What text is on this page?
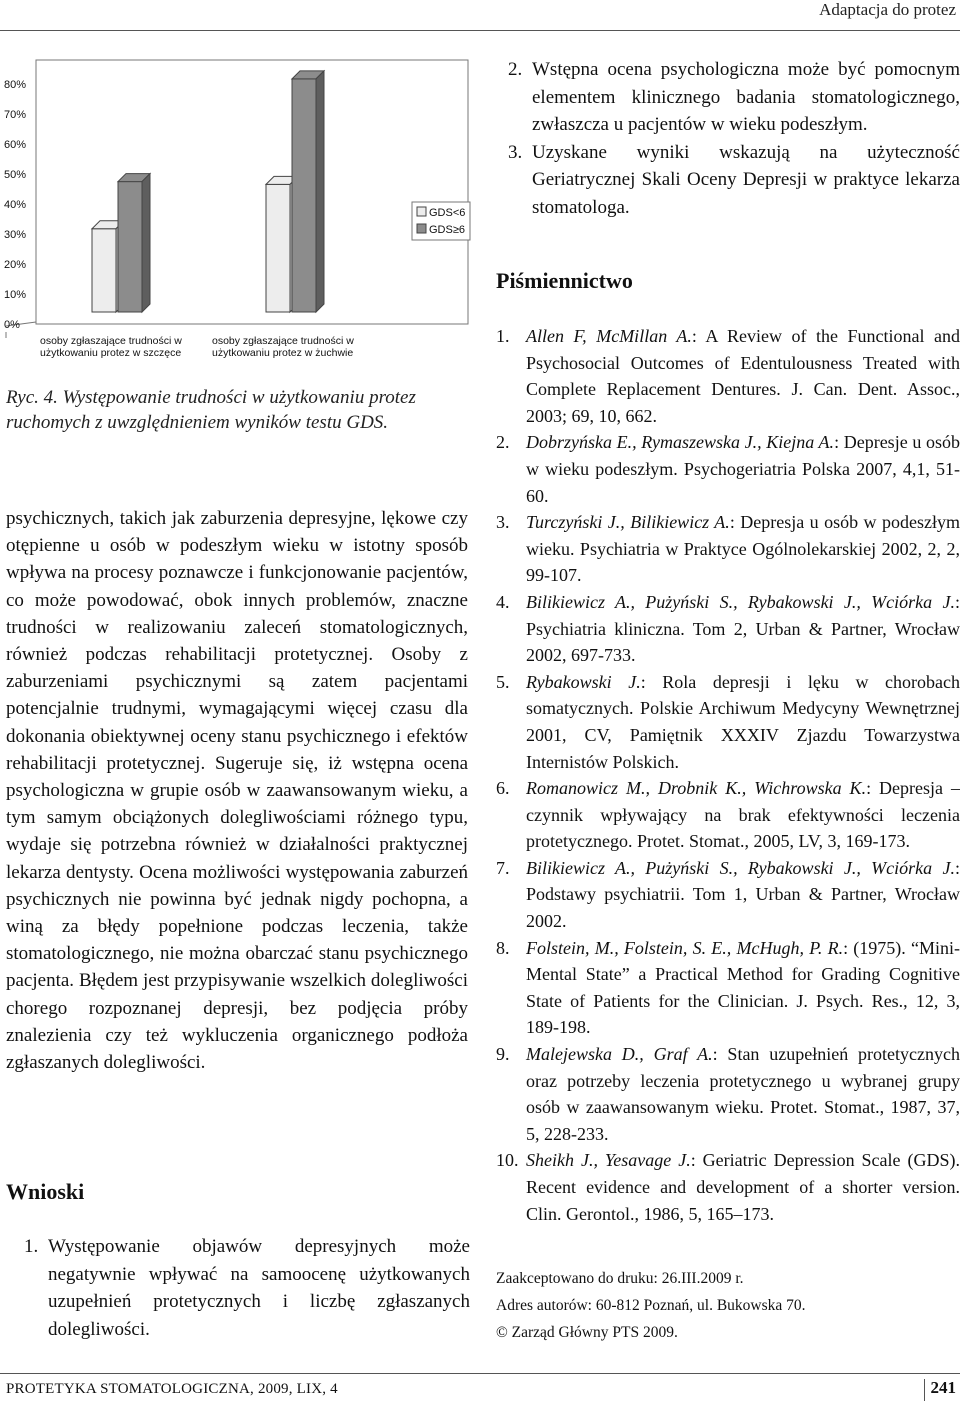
Adaptacja do protez
80%
70%
60%
50%
40%
30%
20%
10%
0%
osoby zgłaszające trudności w
użytkowaniu protez w szczęce
osoby zgłaszające trudności w
użytkowaniu protez w żuchwie
GDS<6
GDS≥6
Ryc. 4. Występowanie trudności w użytkowaniu protez ruchomych z uwzględnieniem wyników testu GDS.

psychicznych, takich jak zaburzenia depresyjne, lękowe czy otępienne u osób w podeszłym wieku w istotny sposób wpływa na procesy poznawcze i funkcjonowanie pacjentów, co może powodować, obok innych problemów, znaczne trudności w realizowaniu zaleceń stomatologicznych, również podczas rehabilitacji protetycznej. Osoby z zaburzeniami psychicznymi są zatem pacjentami potencjalnie trudnymi, wymagającymi więcej czasu dla dokonania obiektywnej oceny stanu psychicznego i efektów rehabilitacji protetycznej. Sugeruje się, iż wstępna ocena psychologiczna w grupie osób w zaawansowanym wieku, a tym samym obciążonych dolegliwościami różnego typu, wydaje się potrzebna również w działalności praktycznej lekarza dentysty. Ocena możliwości występowania zaburzeń psychicznych nie powinna być jednak nigdy pochopna, a winą za błędy popełnione podczas leczenia, także stomatologicznego, nie można obarczać stanu psychicznego pacjenta. Błędem jest przypisywanie wszelkich dolegliwości chorego rozpoznanej depresji, bez podjęcia próby znalezienia czy też wykluczenia organicznego podłoża zgłaszanych dolegliwości.

Wnioski
1. Występowanie objawów depresyjnych może negatywnie wpływać na samoocenę użytkowanych uzupełnień protetycznych i liczbę zgłaszanych dolegliwości.
2. Wstępna ocena psychologiczna może być pomocnym elementem klinicznego badania stomatologicznego, zwłaszcza u pacjentów w wieku podeszłym.
3. Uzyskane wyniki wskazują na użyteczność Geriatrycznej Skali Oceny Depresji w praktyce lekarza stomatologa.
Piśmiennictwo
1. Allen F, McMillan A.: A Review of the Functional and Psychosocial Outcomes of Edentulousness Treated with Complete Replacement Dentures. J. Can. Dent. Assoc., 2003; 69, 10, 662.
2. Dobrzyńska E., Rymaszewska J., Kiejna A.: Depresje u osób w wieku podeszłym. Psychogeriatria Polska 2007, 4,1, 51-60.
3. Turczyński J., Bilikiewicz A.: Depresja u osób w podeszłym wieku. Psychiatria w Praktyce Ogólnolekarskiej 2002, 2, 2, 99-107.
4. Bilikiewicz A., Pużyński S., Rybakowski J., Wciórka J.: Psychiatria kliniczna. Tom 2, Urban & Partner, Wrocław 2002, 697-733.
5. Rybakowski J.: Rola depresji i lęku w chorobach somatycznych. Polskie Archiwum Medycyny Wewnętrznej 2001, CV, Pamiętnik XXXIV Zjazdu Towarzystwa Internistów Polskich.
6. Romanowicz M., Drobnik K., Wichrowska K.: Depresja – czynnik wpływający na brak efektywności leczenia protetycznego. Protet. Stomat., 2005, LV, 3, 169-173.
7. Bilikiewicz A., Pużyński S., Rybakowski J., Wciórka J.: Podstawy psychiatrii. Tom 1, Urban & Partner, Wrocław 2002.
8. Folstein, M., Folstein, S. E., McHugh, P. R.: (1975). “Mini-Mental State” a Practical Method for Grading Cognitive State of Patients for the Clinician. J. Psych. Res., 12, 3, 189-198.
9. Malejewska D., Graf A.: Stan uzupełnień protetycznych oraz potrzeby leczenia protetycznego u wybranej grupy osób w zaawansowanym wieku. Protet. Stomat., 1987, 37, 5, 228-233.
10. Sheikh J., Yesavage J.: Geriatric Depression Scale (GDS). Recent evidence and development of a shorter version. Clin. Gerontol., 1986, 5, 165–173.
Zaakceptowano do druku: 26.III.2009 r.
Adres autorów: 60-812 Poznań, ul. Bukowska 70.
© Zarząd Główny PTS 2009.
PROTETYKA STOMATOLOGICZNA, 2009, LIX, 4	241
